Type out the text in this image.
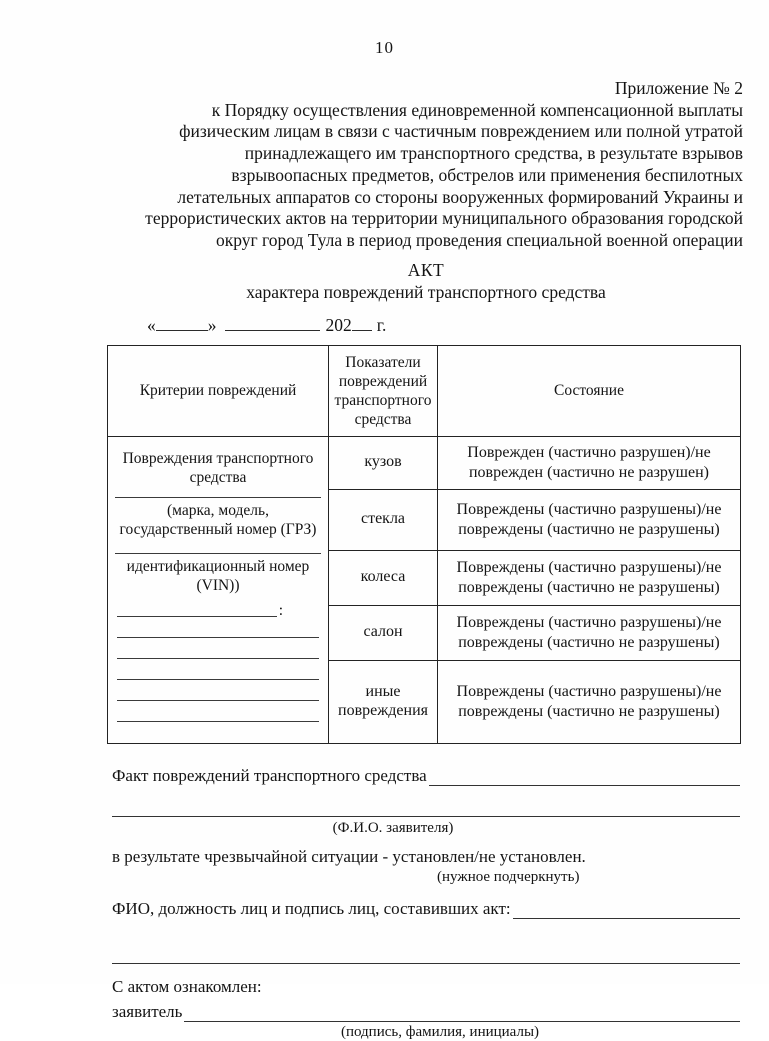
10
Приложение № 2
к Порядку осуществления единовременной компенсационной выплаты
физическим лицам в связи с частичным повреждением или полной утратой
принадлежащего им транспортного средства, в результате взрывов
взрывоопасных предметов, обстрелов или применения беспилотных
летательных аппаратов со стороны вооруженных формирований Украины и
террористических актов на территории муниципального образования городской
округ город Тула в период проведения специальной военной операции
АКТ
характера повреждений транспортного средства
«	»	202 г.
Критерии повреждений	Показатели повреждений транспортного средства	Состояние

Повреждения транспортного средства
(марка, модель, государственный номер (ГРЗ)
идентификационный номер (VIN))
:	кузов	Поврежден (частично разрушен)/не поврежден (частично не разрушен)
	стекла	Повреждены (частично разрушены)/не повреждены (частично не разрушены)
	колеса	Повреждены (частично разрушены)/не повреждены (частично не разрушены)
	салон	Повреждены (частично разрушены)/не повреждены (частично не разрушены)
	иные повреждения	Повреждены (частично разрушены)/не повреждены (частично не разрушены)
Факт повреждений транспортного средства
(Ф.И.О. заявителя)
в результате чрезвычайной ситуации - установлен/не установлен.
(нужное подчеркнуть)
ФИО, должность лиц и подпись лиц, составивших акт:
С актом ознакомлен:
заявитель
(подпись, фамилия, инициалы)
